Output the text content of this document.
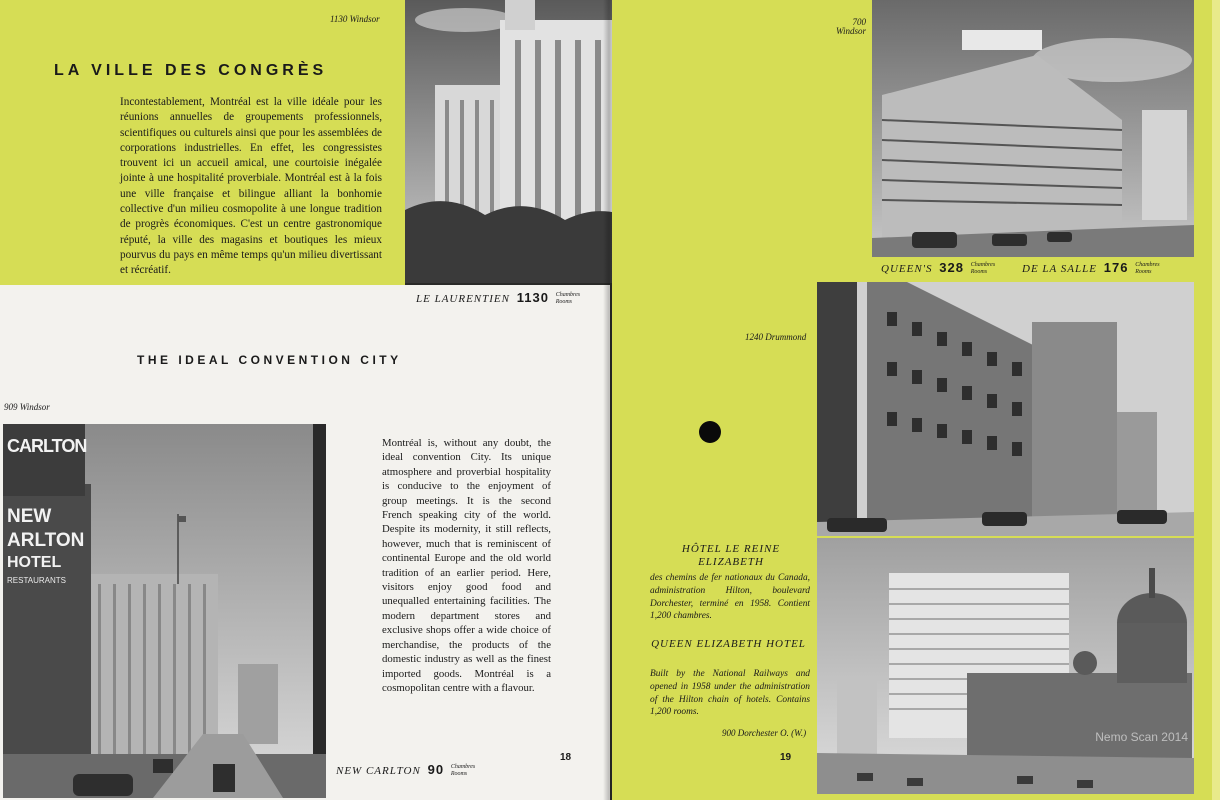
1130 Windsor
LA VILLE DES CONGRÈS
Incontestablement, Montréal est la ville idéale pour les réunions annuelles de groupements professionnels, scientifiques ou culturels ainsi que pour les assemblées de corporations industrielles. En effet, les congressistes trouvent ici un accueil amical, une courtoisie inégalée jointe à une hospitalité proverbiale. Montréal est à la fois une ville française et bilingue alliant la bonhomie collective d'un milieu cosmopolite à une longue tradition de progrès économiques. C'est un centre gastronomique réputé, la ville des magasins et boutiques les mieux pourvus du pays en même temps qu'un milieu divertissant et récréatif.
LE LAURENTIEN 1130 Chambres
Rooms
THE IDEAL CONVENTION CITY
909 Windsor
CARLTON
NEW
ARLTON
HOTEL
RESTAURANTS
Montréal is, without any doubt, the ideal convention City. Its unique atmosphere and proverbial hospitality is conducive to the enjoyment of group meetings. It is the second French speaking city of the world. Despite its modernity, it still reflects, however, much that is reminiscent of continental Europe and the old world tradition of an earlier period. Here, visitors enjoy good food and unequalled entertaining facilities. The modern department stores and exclusive shops offer a wide choice of merchandise, the products of the domestic industry as well as the finest imported goods. Montréal is a cosmopolitan centre with a flavour.
NEW CARLTON 90 Chambres
Rooms
18
700 Windsor
QUEEN'S 328 Chambres
Rooms	DE LA SALLE 176 Chambres
Rooms
1240 Drummond
Nemo Scan 2014
HÔTEL LE REINE ELIZABETH
des chemins de fer nationaux du Canada, administration Hilton, boulevard Dorchester, terminé en 1958. Contient 1,200 chambres.
QUEEN ELIZABETH HOTEL
Built by the National Railways and opened in 1958 under the administration of the Hilton chain of hotels. Contains 1,200 rooms.
900 Dorchester O. (W.)
19
